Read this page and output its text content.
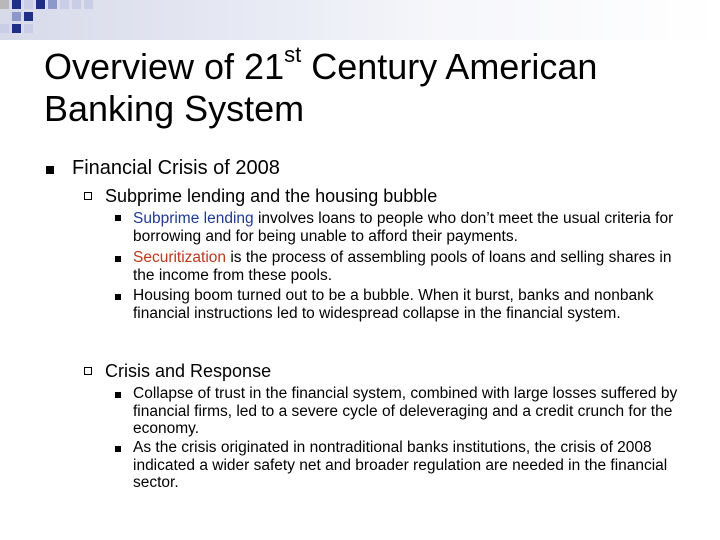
Overview of 21st Century American
Banking System
Financial Crisis of 2008
Subprime lending and the housing bubble
Subprime lending involves loans to people who don’t meet the usual criteria for borrowing and for being unable to afford their payments.
Securitization is the process of assembling pools of loans and selling shares in the income from these pools.
Housing boom turned out to be a bubble. When it burst, banks and nonbank financial instructions led to widespread collapse in the financial system.
Crisis and Response
Collapse of trust in the financial system, combined with large losses suffered by financial firms, led to a severe cycle of deleveraging and a credit crunch for the economy.
As the crisis originated in nontraditional banks institutions, the crisis of 2008 indicated a wider safety net and broader regulation are needed in the financial sector.
